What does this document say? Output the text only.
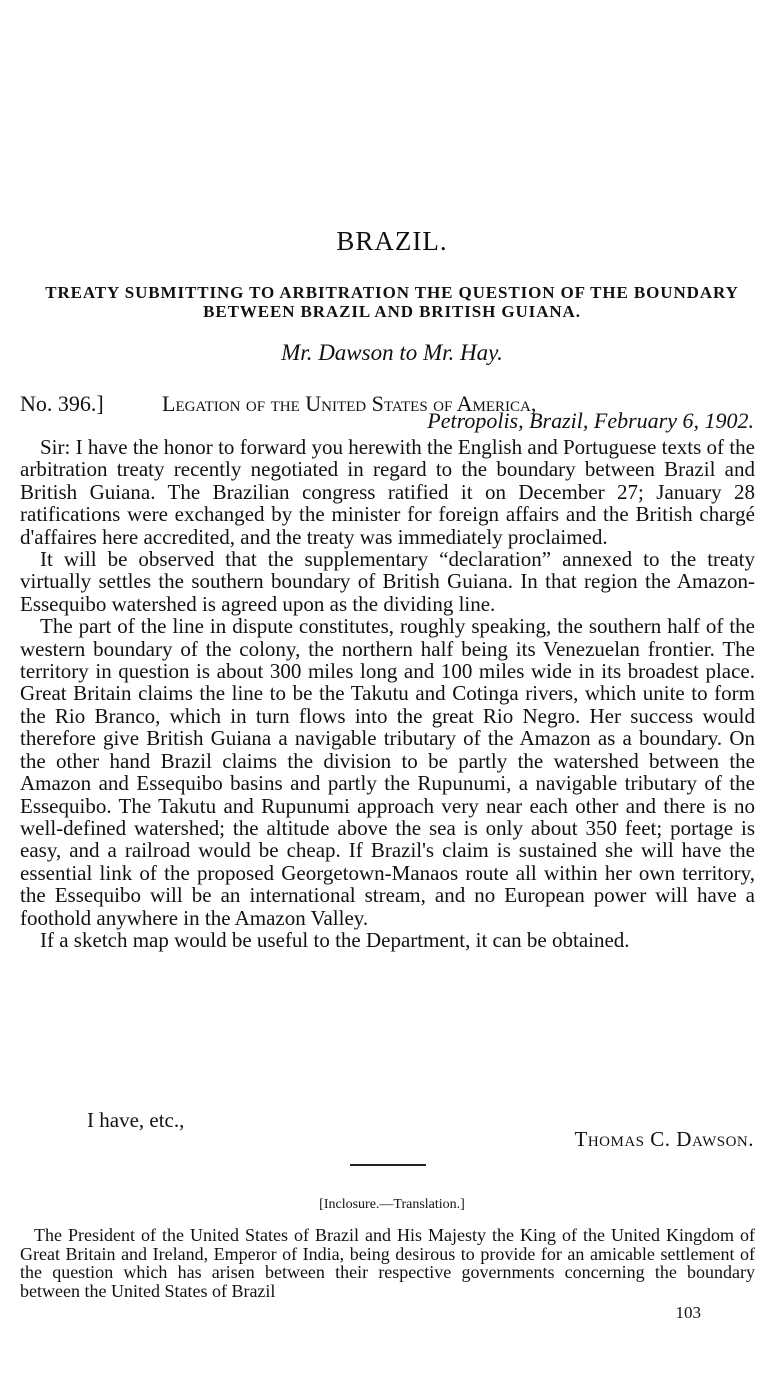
BRAZIL.
TREATY SUBMITTING TO ARBITRATION THE QUESTION OF THE BOUNDARY BETWEEN BRAZIL AND BRITISH GUIANA.
Mr. Dawson to Mr. Hay.
No. 396.]	Legation of the United States of America,
Petropolis, Brazil, February 6, 1902.

Sir: I have the honor to forward you herewith the English and Portuguese texts of the arbitration treaty recently negotiated in regard to the boundary between Brazil and British Guiana. The Brazilian congress ratified it on December 27; January 28 ratifications were exchanged by the minister for foreign affairs and the British chargé d'affaires here accredited, and the treaty was immediately proclaimed.

It will be observed that the supplementary “declaration” annexed to the treaty virtually settles the southern boundary of British Guiana. In that region the Amazon-Essequibo watershed is agreed upon as the dividing line.

The part of the line in dispute constitutes, roughly speaking, the southern half of the western boundary of the colony, the northern half being its Venezuelan frontier. The territory in question is about 300 miles long and 100 miles wide in its broadest place. Great Britain claims the line to be the Takutu and Cotinga rivers, which unite to form the Rio Branco, which in turn flows into the great Rio Negro. Her success would therefore give British Guiana a navigable tributary of the Amazon as a boundary. On the other hand Brazil claims the division to be partly the watershed between the Amazon and Essequibo basins and partly the Rupunumi, a navigable tributary of the Essequibo. The Takutu and Rupunumi approach very near each other and there is no well-defined watershed; the altitude above the sea is only about 350 feet; portage is easy, and a railroad would be cheap. If Brazil's claim is sustained she will have the essential link of the proposed Georgetown-Manaos route all within her own territory, the Essequibo will be an international stream, and no European power will have a foothold anywhere in the Amazon Valley.

If a sketch map would be useful to the Department, it can be obtained.

I have, etc.,
Thomas C. Dawson.
[Inclosure.—Translation.]

The President of the United States of Brazil and His Majesty the King of the United Kingdom of Great Britain and Ireland, Emperor of India, being desirous to provide for an amicable settlement of the question which has arisen between their respective governments concerning the boundary between the United States of Brazil

103
